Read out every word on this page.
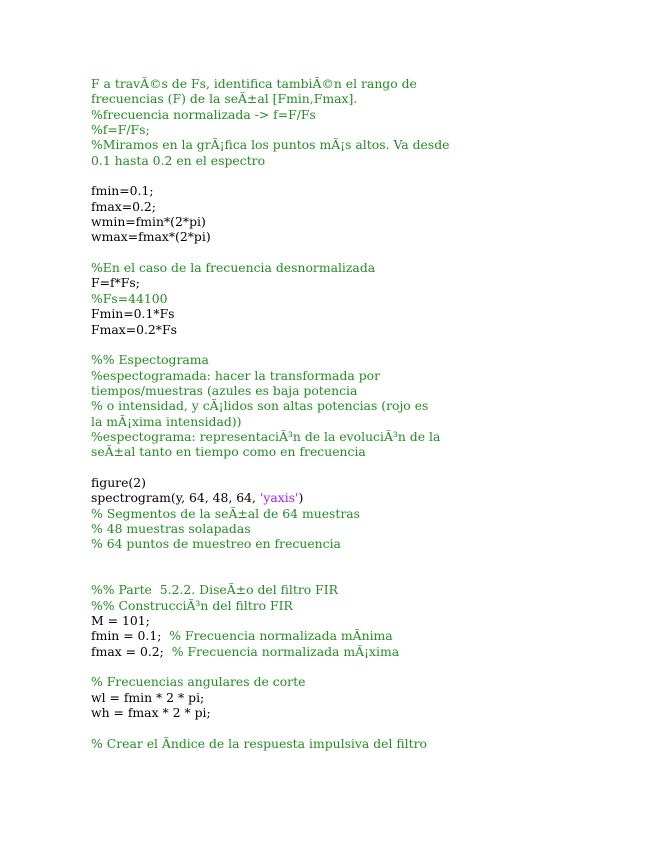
F a travÃ©s de Fs, identifica tambiÃ©n el rango de
frecuencias (F) de la seÃ±al [Fmin,Fmax].
%frecuencia normalizada -> f=F/Fs
%f=F/Fs;
%Miramos en la grÃ¡fica los puntos mÃ¡s altos. Va desde
0.1 hasta 0.2 en el espectro
fmin=0.1;
fmax=0.2;
wmin=fmin*(2*pi)
wmax=fmax*(2*pi)
%En el caso de la frecuencia desnormalizada
F=f*Fs;
%Fs=44100
Fmin=0.1*Fs
Fmax=0.2*Fs
%% Espectograma
%espectogramada: hacer la transformada por
tiempos/muestras (azules es baja potencia
% o intensidad, y cÃ¡lidos son altas potencias (rojo es
la mÃ¡xima intensidad))
%espectograma: representaciÃ³n de la evoluciÃ³n de la
seÃ±al tanto en tiempo como en frecuencia
figure(2)
spectrogram(y, 64, 48, 64, 'yaxis')
% Segmentos de la seÃ±al de 64 muestras
% 48 muestras solapadas
% 64 puntos de muestreo en frecuencia
%% Parte  5.2.2. DiseÃ±o del filtro FIR
%% ConstrucciÃ³n del filtro FIR
M = 101;
fmin = 0.1;  % Frecuencia normalizada mÃnima
fmax = 0.2;  % Frecuencia normalizada mÃ¡xima
% Frecuencias angulares de corte
wl = fmin * 2 * pi;
wh = fmax * 2 * pi;
% Crear el Ãndice de la respuesta impulsiva del filtro
